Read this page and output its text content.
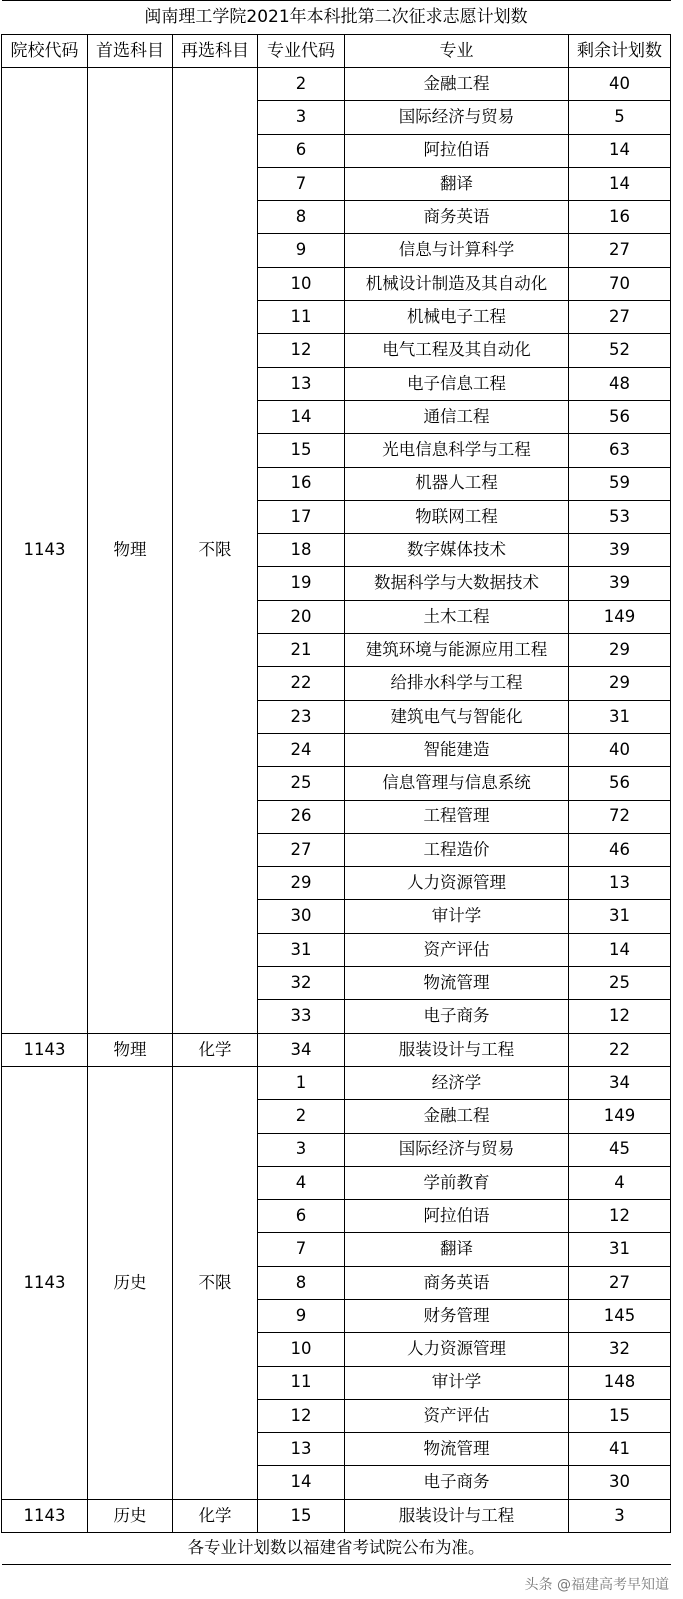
闽南理工学院2021年本科批第二次征求志愿计划数					
院校代码	首选科目	再选科目	专业代码	专业	剩余计划数
1143	物理	不限	2	金融工程	40
			3	国际经济与贸易	5
			6	阿拉伯语	14
			7	翻译	14
			8	商务英语	16
			9	信息与计算科学	27
			10	机械设计制造及其自动化	70
			11	机械电子工程	27
			12	电气工程及其自动化	52
			13	电子信息工程	48
			14	通信工程	56
			15	光电信息科学与工程	63
			16	机器人工程	59
			17	物联网工程	53
			18	数字媒体技术	39
			19	数据科学与大数据技术	39
			20	土木工程	149
			21	建筑环境与能源应用工程	29
			22	给排水科学与工程	29
			23	建筑电气与智能化	31
			24	智能建造	40
			25	信息管理与信息系统	56
			26	工程管理	72
			27	工程造价	46
			29	人力资源管理	13
			30	审计学	31
			31	资产评估	14
			32	物流管理	25
			33	电子商务	12
1143	物理	化学	34	服装设计与工程	22
1143	历史	不限	1	经济学	34
			2	金融工程	149
			3	国际经济与贸易	45
			4	学前教育	4
			6	阿拉伯语	12
			7	翻译	31
			8	商务英语	27
			9	财务管理	145
			10	人力资源管理	32
			11	审计学	148
			12	资产评估	15
			13	物流管理	41
			14	电子商务	30
1143	历史	化学	15	服装设计与工程	3
各专业计划数以福建省考试院公布为准。					
头条 @福建高考早知道
